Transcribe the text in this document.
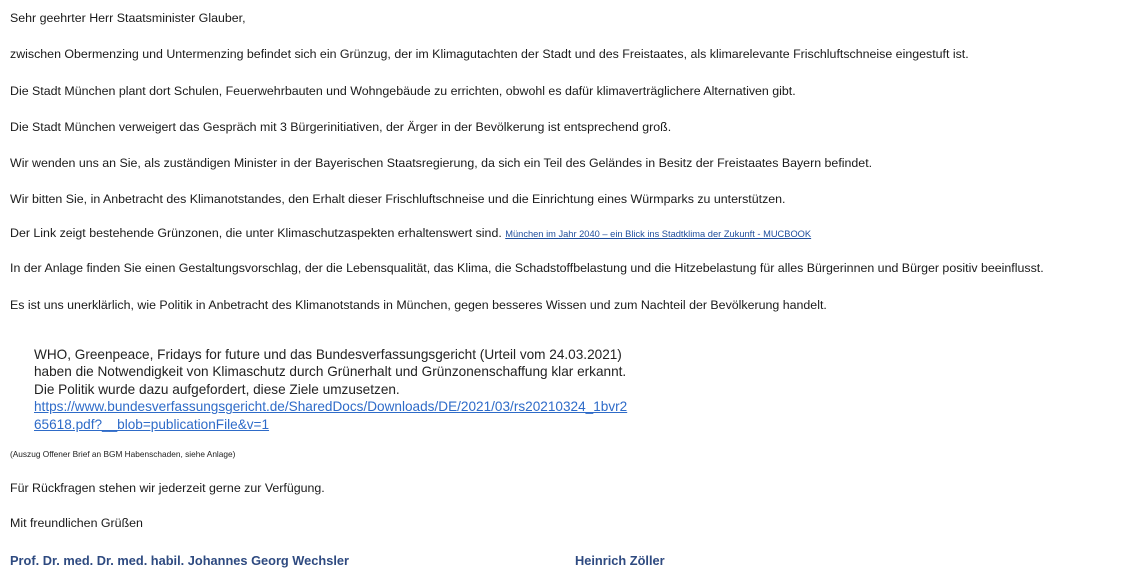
Sehr geehrter Herr Staatsminister Glauber,
zwischen Obermenzing und Untermenzing befindet sich ein Grünzug, der im Klimagutachten der Stadt und des Freistaates, als klimarelevante Frischluftschneise eingestuft ist.
Die Stadt München plant dort Schulen, Feuerwehrbauten und Wohngebäude zu errichten, obwohl es dafür klimaverträglichere Alternativen gibt.
Die Stadt München verweigert das Gespräch mit 3 Bürgerinitiativen, der Ärger in der Bevölkerung ist entsprechend groß.
Wir wenden uns an Sie, als zuständigen Minister in der Bayerischen Staatsregierung, da sich ein Teil des Geländes in Besitz der Freistaates Bayern befindet.
Wir bitten Sie, in Anbetracht des Klimanotstandes, den Erhalt dieser Frischluftschneise und die Einrichtung eines Würmparks zu unterstützen.
Der Link zeigt bestehende Grünzonen, die unter Klimaschutzaspekten erhaltenswert sind. München im Jahr 2040 – ein Blick ins Stadtklima der Zukunft - MUCBOOK
In der Anlage finden Sie einen Gestaltungsvorschlag, der die Lebensqualität, das Klima, die Schadstoffbelastung und die Hitzebelastung für alles Bürgerinnen und Bürger positiv beeinflusst.
Es ist uns unerklärlich, wie Politik in Anbetracht des Klimanotstands in München, gegen besseres Wissen und zum Nachteil der Bevölkerung handelt.
WHO, Greenpeace, Fridays for future und das Bundesverfassungsgericht (Urteil vom 24.03.2021)
haben die Notwendigkeit von Klimaschutz durch Grünerhalt und Grünzonenschaffung klar erkannt.
Die Politik wurde dazu aufgefordert, diese Ziele umzusetzen.
https://www.bundesverfassungsgericht.de/SharedDocs/Downloads/DE/2021/03/rs20210324_1bvr2
65618.pdf?__blob=publicationFile&v=1
(Auszug Offener Brief an BGM Habenschaden, siehe Anlage)
Für Rückfragen stehen wir jederzeit gerne zur Verfügung.
Mit freundlichen Grüßen
Prof. Dr. med. Dr. med. habil. Johannes Georg Wechsler	Heinrich Zöller
